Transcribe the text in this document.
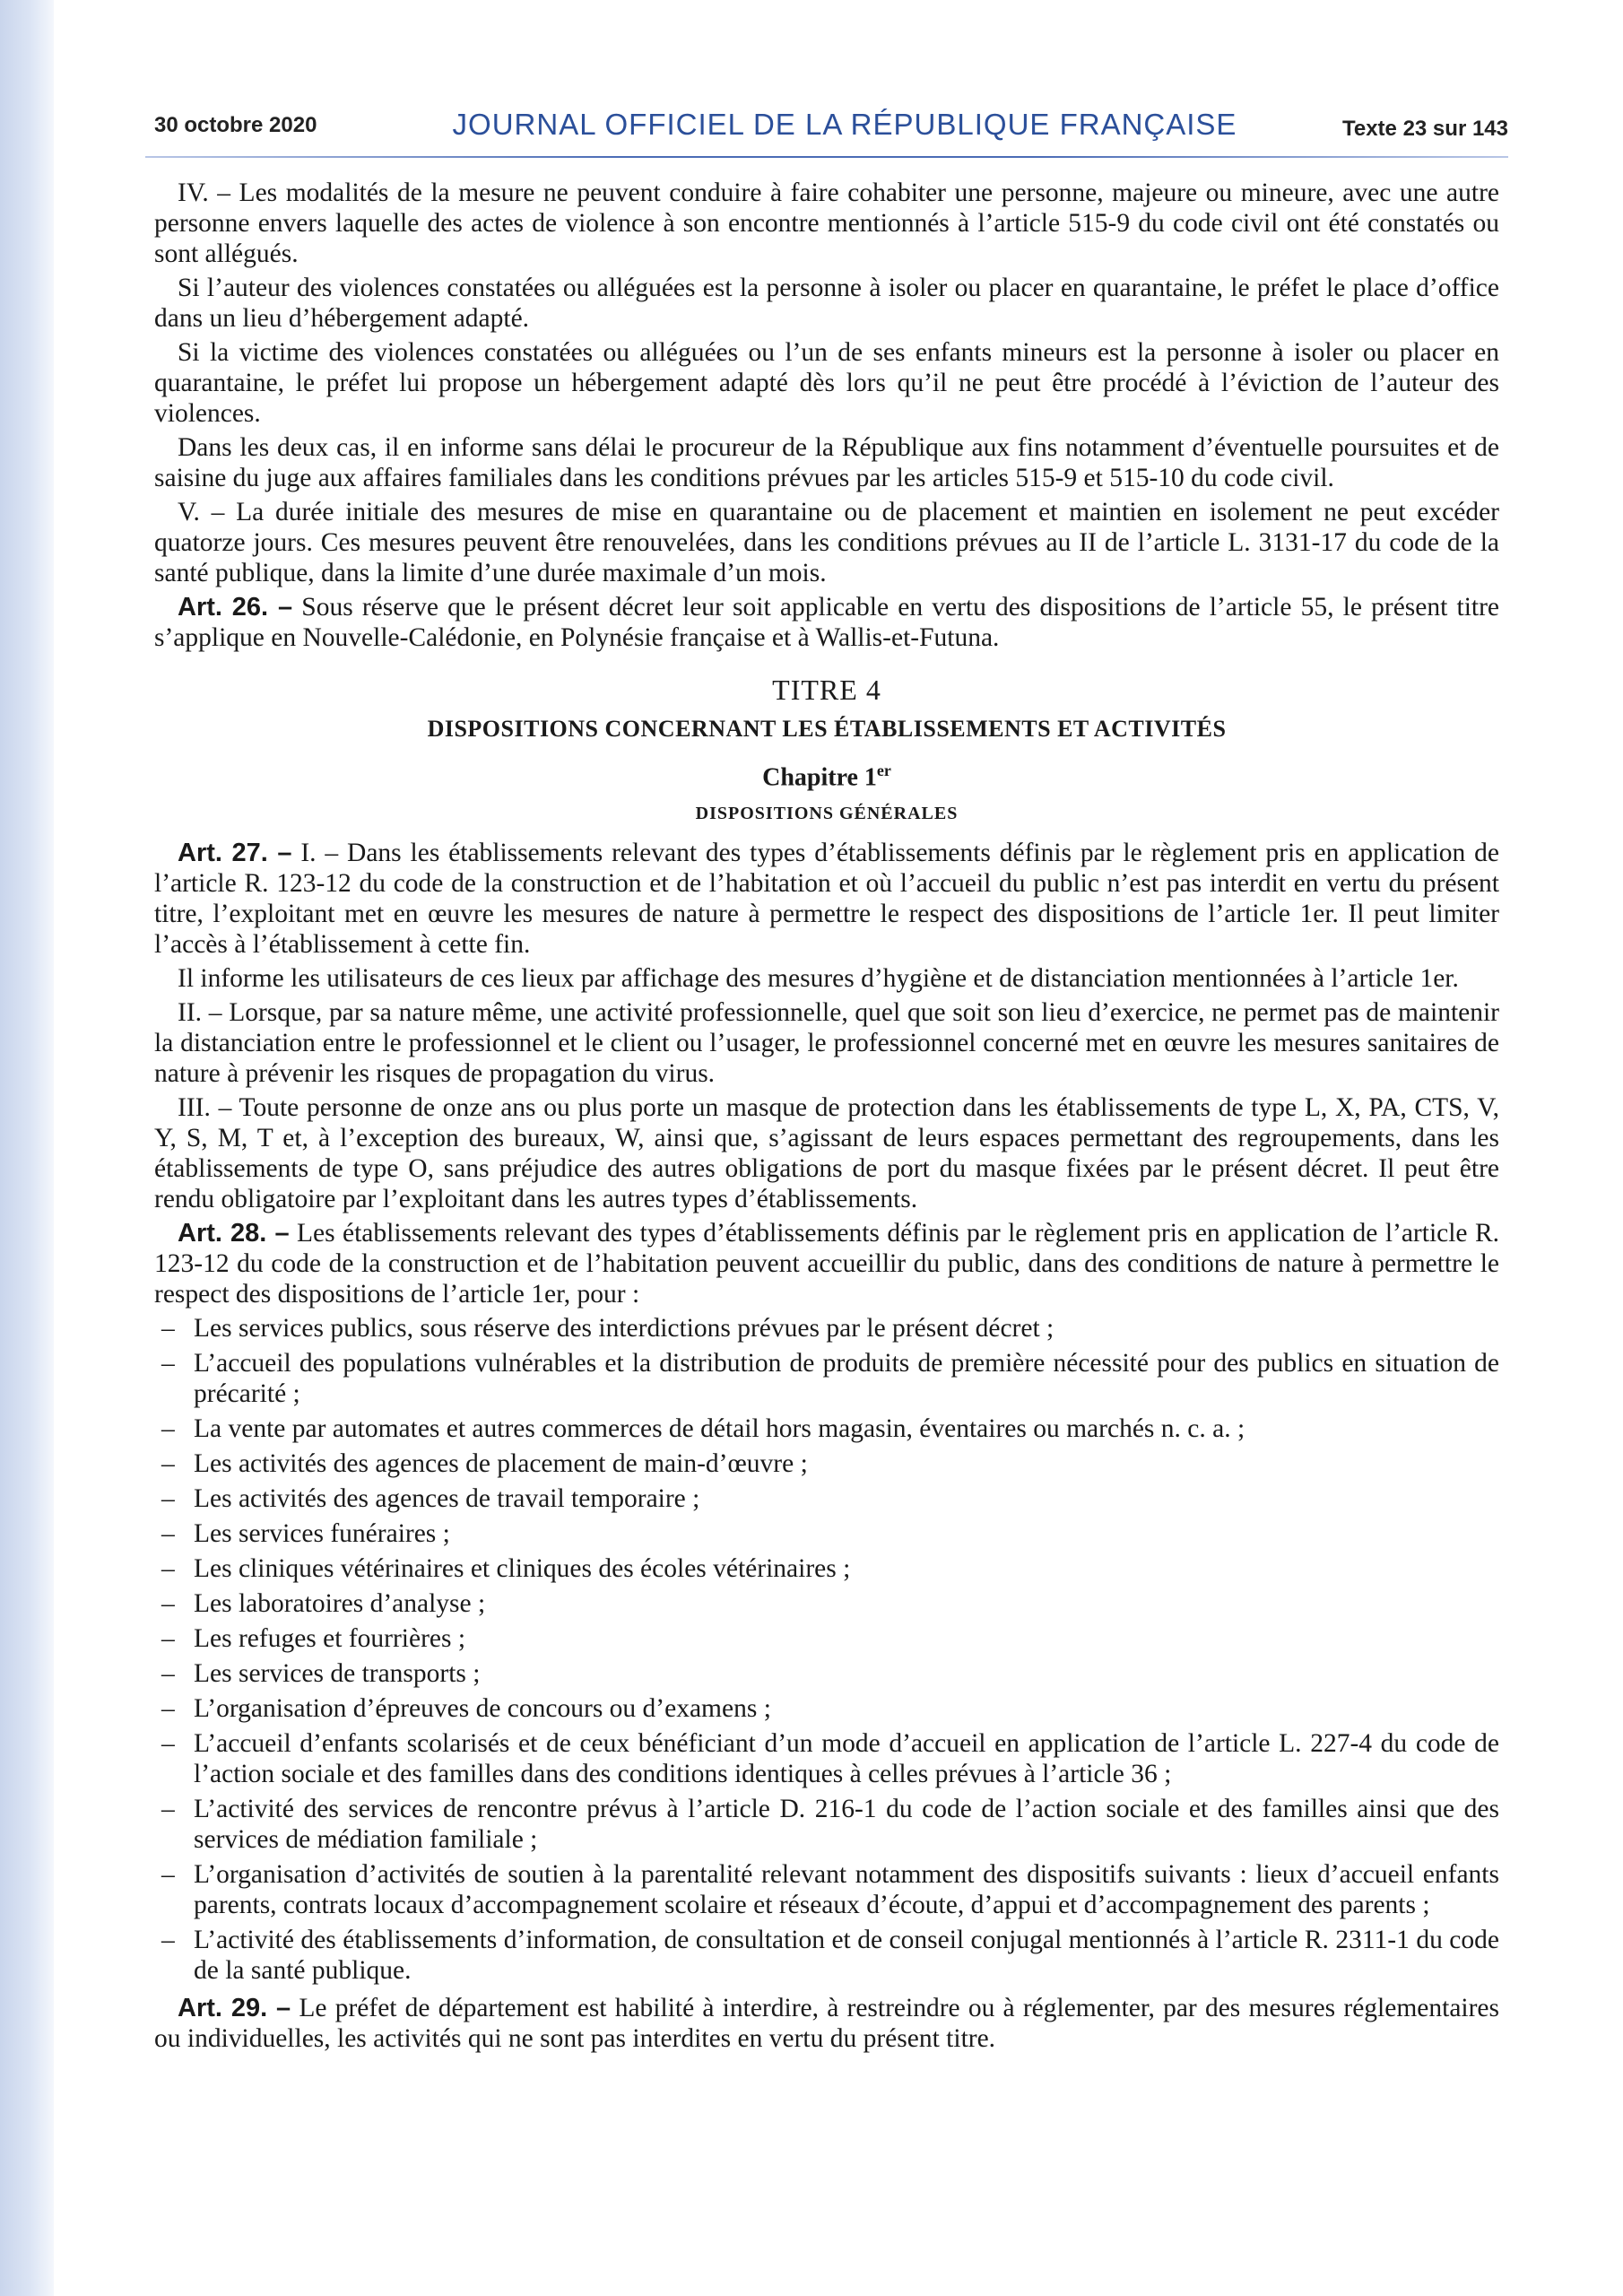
30 octobre 2020	JOURNAL OFFICIEL DE LA RÉPUBLIQUE FRANÇAISE	Texte 23 sur 143

IV. – Les modalités de la mesure ne peuvent conduire à faire cohabiter une personne, majeure ou mineure, avec une autre personne envers laquelle des actes de violence à son encontre mentionnés à l’article 515-9 du code civil ont été constatés ou sont allégués.

Si l’auteur des violences constatées ou alléguées est la personne à isoler ou placer en quarantaine, le préfet le place d’office dans un lieu d’hébergement adapté.

Si la victime des violences constatées ou alléguées ou l’un de ses enfants mineurs est la personne à isoler ou placer en quarantaine, le préfet lui propose un hébergement adapté dès lors qu’il ne peut être procédé à l’éviction de l’auteur des violences.

Dans les deux cas, il en informe sans délai le procureur de la République aux fins notamment d’éventuelle poursuites et de saisine du juge aux affaires familiales dans les conditions prévues par les articles 515-9 et 515-10 du code civil.

V. – La durée initiale des mesures de mise en quarantaine ou de placement et maintien en isolement ne peut excéder quatorze jours. Ces mesures peuvent être renouvelées, dans les conditions prévues au II de l’article L. 3131-17 du code de la santé publique, dans la limite d’une durée maximale d’un mois.

Art. 26. – Sous réserve que le présent décret leur soit applicable en vertu des dispositions de l’article 55, le présent titre s’applique en Nouvelle-Calédonie, en Polynésie française et à Wallis-et-Futuna.

TITRE 4
DISPOSITIONS CONCERNANT LES ÉTABLISSEMENTS ET ACTIVITÉS
Chapitre 1er
DISPOSITIONS GÉNÉRALES

Art. 27. – I. – Dans les établissements relevant des types d’établissements définis par le règlement pris en application de l’article R. 123-12 du code de la construction et de l’habitation et où l’accueil du public n’est pas interdit en vertu du présent titre, l’exploitant met en œuvre les mesures de nature à permettre le respect des dispositions de l’article 1er. Il peut limiter l’accès à l’établissement à cette fin.

Il informe les utilisateurs de ces lieux par affichage des mesures d’hygiène et de distanciation mentionnées à l’article 1er.

II. – Lorsque, par sa nature même, une activité professionnelle, quel que soit son lieu d’exercice, ne permet pas de maintenir la distanciation entre le professionnel et le client ou l’usager, le professionnel concerné met en œuvre les mesures sanitaires de nature à prévenir les risques de propagation du virus.

III. – Toute personne de onze ans ou plus porte un masque de protection dans les établissements de type L, X, PA, CTS, V, Y, S, M, T et, à l’exception des bureaux, W, ainsi que, s’agissant de leurs espaces permettant des regroupements, dans les établissements de type O, sans préjudice des autres obligations de port du masque fixées par le présent décret. Il peut être rendu obligatoire par l’exploitant dans les autres types d’établissements.

Art. 28. – Les établissements relevant des types d’établissements définis par le règlement pris en application de l’article R. 123-12 du code de la construction et de l’habitation peuvent accueillir du public, dans des conditions de nature à permettre le respect des dispositions de l’article 1er, pour :

– Les services publics, sous réserve des interdictions prévues par le présent décret ;
– L’accueil des populations vulnérables et la distribution de produits de première nécessité pour des publics en situation de précarité ;
– La vente par automates et autres commerces de détail hors magasin, éventaires ou marchés n. c. a. ;
– Les activités des agences de placement de main-d’œuvre ;
– Les activités des agences de travail temporaire ;
– Les services funéraires ;
– Les cliniques vétérinaires et cliniques des écoles vétérinaires ;
– Les laboratoires d’analyse ;
– Les refuges et fourrières ;
– Les services de transports ;
– L’organisation d’épreuves de concours ou d’examens ;
– L’accueil d’enfants scolarisés et de ceux bénéficiant d’un mode d’accueil en application de l’article L. 227-4 du code de l’action sociale et des familles dans des conditions identiques à celles prévues à l’article 36 ;
– L’activité des services de rencontre prévus à l’article D. 216-1 du code de l’action sociale et des familles ainsi que des services de médiation familiale ;
– L’organisation d’activités de soutien à la parentalité relevant notamment des dispositifs suivants : lieux d’accueil enfants parents, contrats locaux d’accompagnement scolaire et réseaux d’écoute, d’appui et d’accompagnement des parents ;
– L’activité des établissements d’information, de consultation et de conseil conjugal mentionnés à l’article R. 2311-1 du code de la santé publique.

Art. 29. – Le préfet de département est habilité à interdire, à restreindre ou à réglementer, par des mesures réglementaires ou individuelles, les activités qui ne sont pas interdites en vertu du présent titre.
